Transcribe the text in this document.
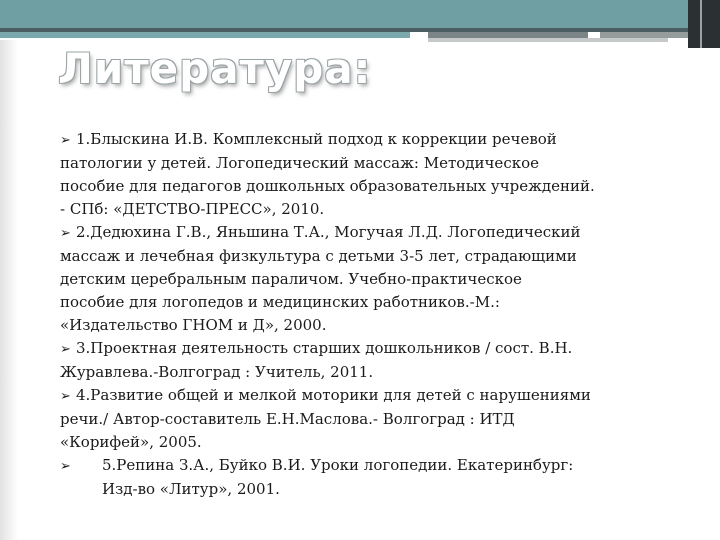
Литература:

➢ 1.Блыскина И.В. Комплексный подход к коррекции речевой
патологии у детей. Логопедический массаж: Методическое
пособие для педагогов дошкольных образовательных учреждений.
- СПб: «ДЕТСТВО-ПРЕСС», 2010.

➢ 2.Дедюхина Г.В., Яньшина Т.А., Могучая Л.Д. Логопедический
массаж и лечебная физкультура с детьми 3-5 лет, страдающими
детским церебральным параличом. Учебно-практическое
пособие для логопедов и медицинских работников.-М.:
«Издательство ГНОМ и Д», 2000.

➢ 3.Проектная деятельность старших дошкольников / сост. В.Н.
Журавлева.-Волгоград : Учитель, 2011.

➢ 4.Развитие общей и мелкой моторики для детей с нарушениями
речи./ Автор-составитель Е.Н.Маслова.- Волгоград : ИТД
«Корифей», 2005.

➢ 5.Репина З.А., Буйко В.И. Уроки логопедии. Екатеринбург:
Изд-во «Литур», 2001.
